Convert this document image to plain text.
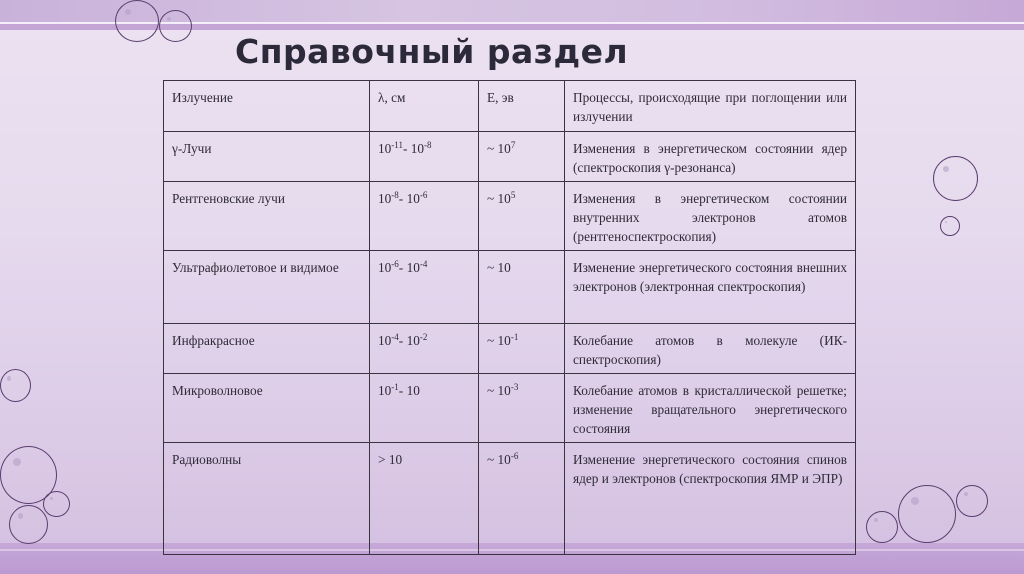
Справочный раздел
Излучение	λ, см	Е, эв	Процессы, происходящие при поглощении или излучении
γ-Лучи	$10^{-11}-$ $10^{-8}$	~ $10^7$	Изменения в энергетическом состоянии ядер (спектроскопия γ-резонанса)
Рентгеновские лучи	$10^{-8}-$ $10^{-6}$	~ $10^5$	Изменения в энергетическом состоянии внутренних электронов атомов (рентгеноспектроскопия)
Ультрафиолетовое и видимое	$10^{-6}-$ $10^{-4}$	~ 10	Изменение энергетического состояния внешних электронов (электронная спектроскопия)
Инфракрасное	$10^{-4}-$ $10^{-2}$	~ $10^{-1}$	Колебание атомов в молекуле (ИК-спектроскопия)
Микроволновое	$10^{-1}-$ 10	~ $10^{-3}$	Колебание атомов в кристаллической решетке; изменение вращательного энергетического состояния
Радиоволны	> 10	~ $10^{-6}$	Изменение энергетического состояния спинов ядер и электронов (спектроскопия ЯМР и ЭПР)
